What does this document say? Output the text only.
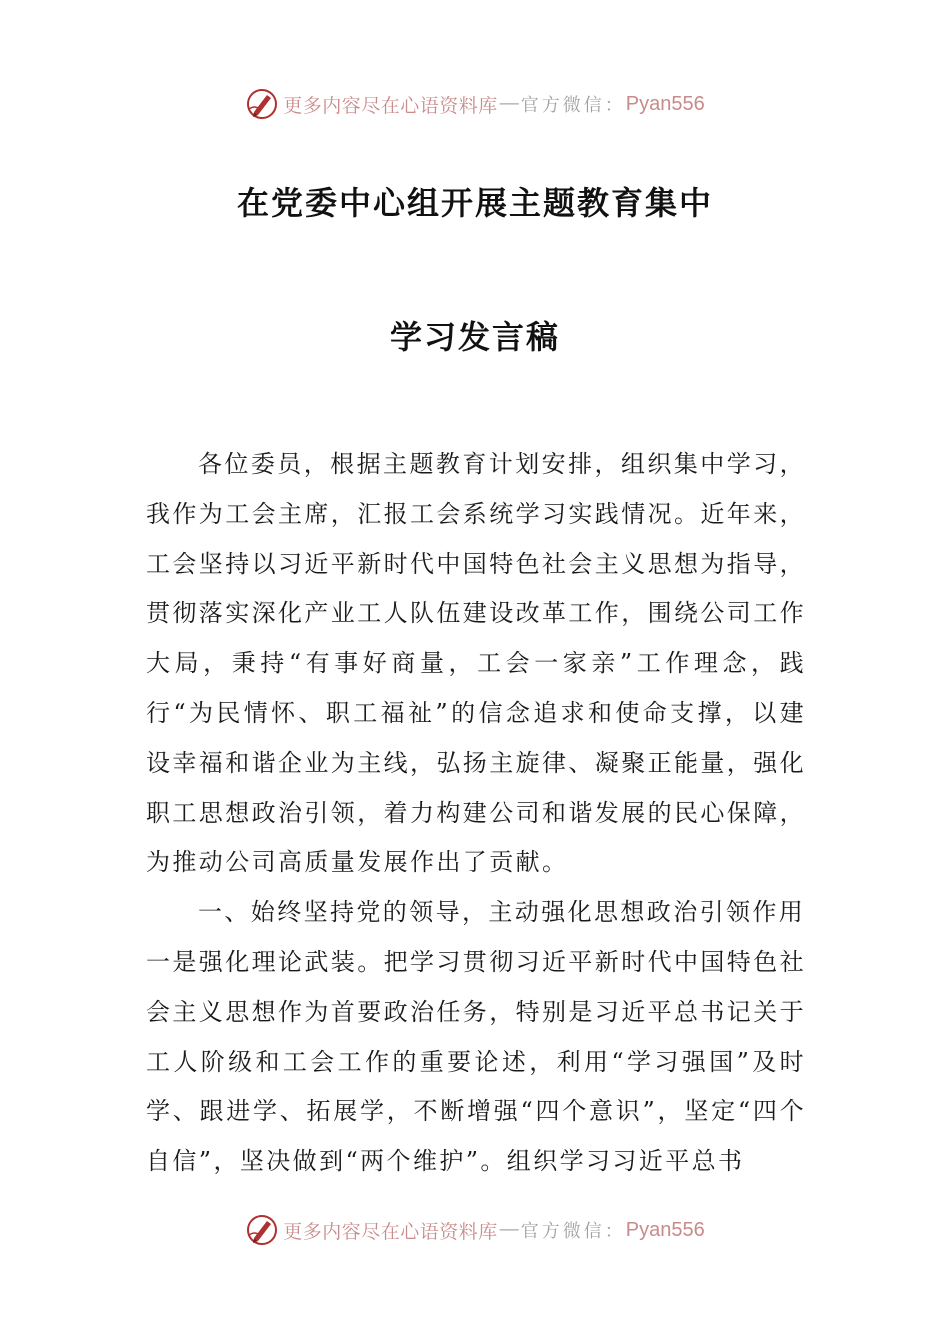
更多内容尽在心语资料库 — 官方微信： Pyan556
在党委中心组开展主题教育集中
学习发言稿

各位委员，根据主题教育计划安排，组织集中学习，我作为工会主席，汇报工会系统学习实践情况。近年来，工会坚持以习近平新时代中国特色社会主义思想为指导，贯彻落实深化产业工人队伍建设改革工作，围绕公司工作大局，秉持“有事好商量，工会一家亲”工作理念，践行“为民情怀、职工福祉”的信念追求和使命支撑，以建设幸福和谐企业为主线，弘扬主旋律、凝聚正能量，强化职工思想政治引领，着力构建公司和谐发展的民心保障，为推动公司高质量发展作出了贡献。

一、始终坚持党的领导，主动强化思想政治引领作用

一是强化理论武装。把学习贯彻习近平新时代中国特色社会主义思想作为首要政治任务，特别是习近平总书记关于工人阶级和工会工作的重要论述，利用“学习强国”及时学、跟进学、拓展学，不断增强“四个意识”，坚定“四个自信”，坚决做到“两个维护”。组织学习习近平总书

更多内容尽在心语资料库 — 官方微信： Pyan556
